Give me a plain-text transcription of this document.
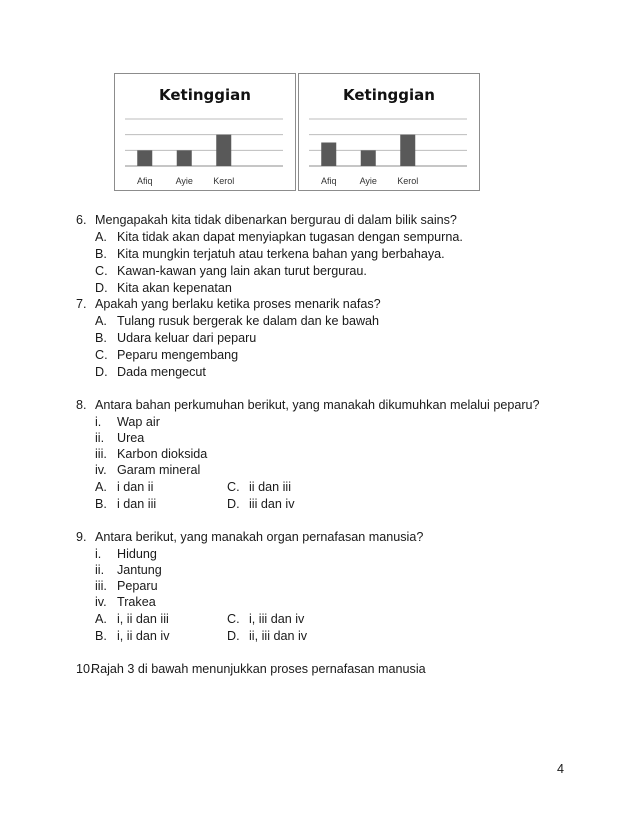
Ketinggian
Afiq	Ayie Kerol
Ketinggian
Afiq	Ayie Kerol
6. Mengapakah kita tidak dibenarkan bergurau di dalam bilik sains?
A. Kita tidak akan dapat menyiapkan tugasan dengan sempurna.
B. Kita mungkin terjatuh atau terkena bahan yang berbahaya.
C. Kawan-kawan yang lain akan turut bergurau.
D. Kita akan kepenatan
7. Apakah yang berlaku ketika proses menarik nafas?
A. Tulang rusuk bergerak ke dalam dan ke bawah
B. Udara keluar dari peparu
C. Peparu mengembang
D. Dada mengecut
8. Antara bahan perkumuhan berikut, yang manakah dikumuhkan melalui peparu?
i. Wap air
ii. Urea
iii. Karbon dioksida
iv. Garam mineral
A. i dan ii	C. ii dan iii
B. i dan iii	D. iii dan iv
9. Antara berikut, yang manakah organ pernafasan manusia?
i. Hidung
ii. Jantung
iii. Peparu
iv. Trakea
A. i, ii dan iii	C. i, iii dan iv
B. i, ii dan iv	D. ii, iii dan iv
10.
Rajah 3 di bawah menunjukkan proses pernafasan manusia
4
